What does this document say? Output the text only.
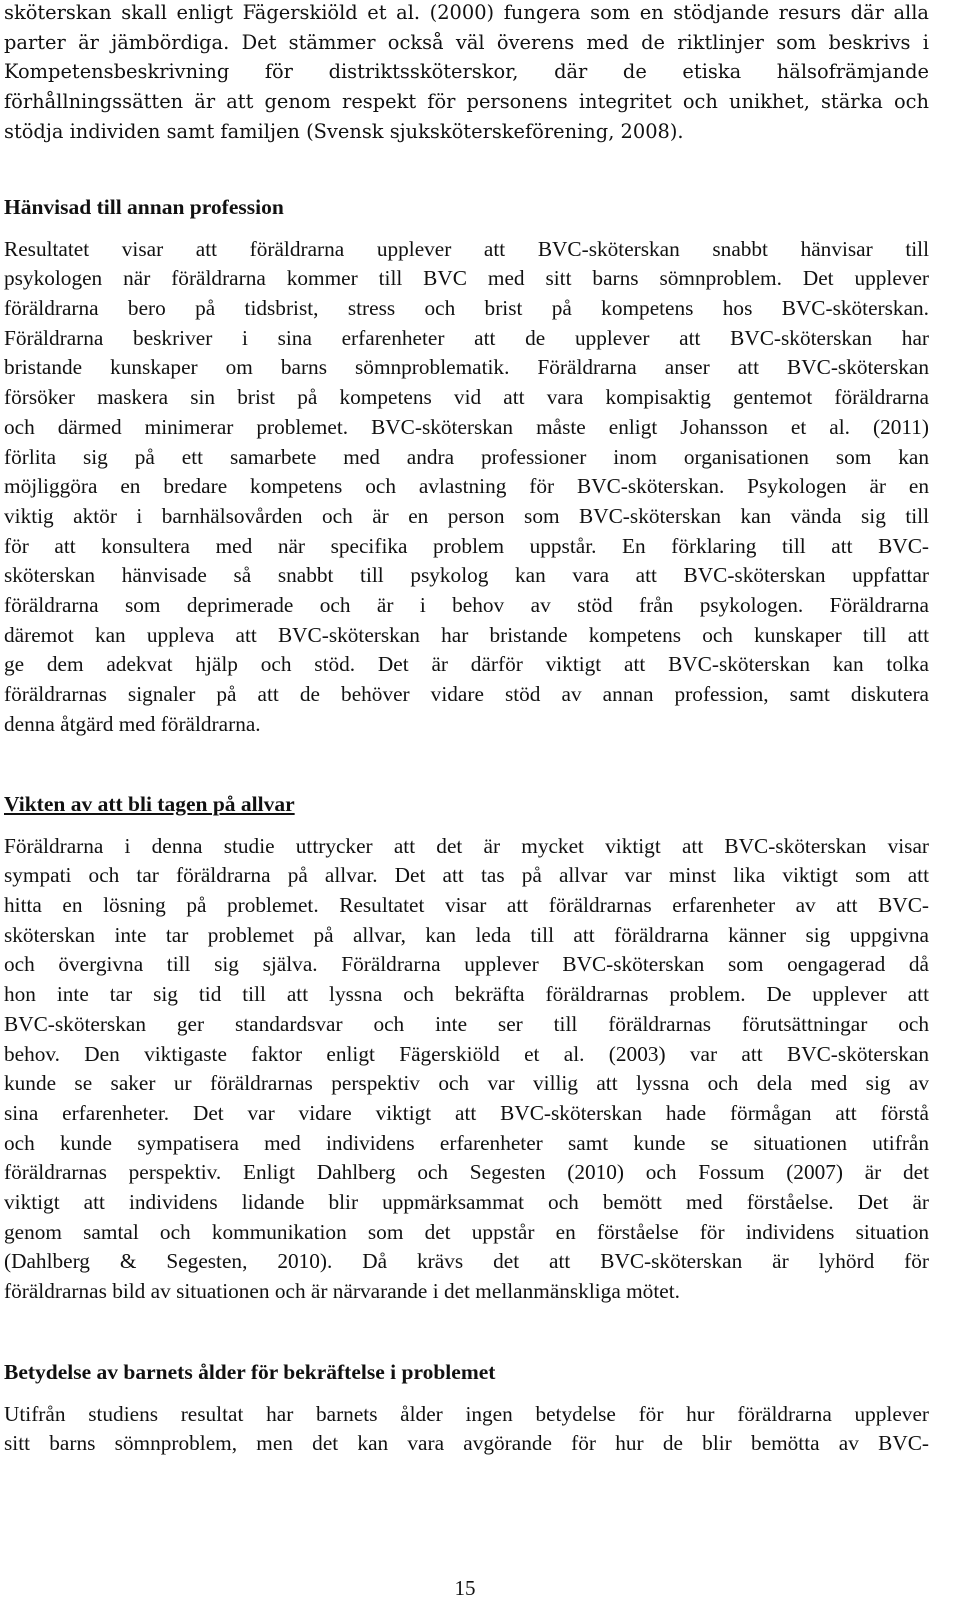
sköterskan skall enligt Fägerskiöld et al. (2000) fungera som en stödjande resurs där alla
parter är jämbördiga. Det stämmer också väl överens med de riktlinjer som beskrivs i
Kompetensbeskrivning för distriktssköterskor, där de etiska hälsofrämjande
förhållningssätten är att genom respekt för personens integritet och unikhet, stärka och
stödja individen samt familjen (Svensk sjuksköterskeförening, 2008).
Hänvisad till annan profession
Resultatet visar att föräldrarna upplever att BVC-sköterskan snabbt hänvisar till
psykologen när föräldrarna kommer till BVC med sitt barns sömnproblem. Det upplever
föräldrarna bero på tidsbrist, stress och brist på kompetens hos BVC-sköterskan.
Föräldrarna beskriver i sina erfarenheter att de upplever att BVC-sköterskan har
bristande kunskaper om barns sömnproblematik. Föräldrarna anser att BVC-sköterskan
försöker maskera sin brist på kompetens vid att vara kompisaktig gentemot föräldrarna
och därmed minimerar problemet. BVC-sköterskan måste enligt Johansson et al. (2011)
förlita sig på ett samarbete med andra professioner inom organisationen som kan
möjliggöra en bredare kompetens och avlastning för BVC-sköterskan. Psykologen är en
viktig aktör i barnhälsovården och är en person som BVC-sköterskan kan vända sig till
för att konsultera med när specifika problem uppstår. En förklaring till att BVC-
sköterskan hänvisade så snabbt till psykolog kan vara att BVC-sköterskan uppfattar
föräldrarna som deprimerade och är i behov av stöd från psykologen. Föräldrarna
däremot kan uppleva att BVC-sköterskan har bristande kompetens och kunskaper till att
ge dem adekvat hjälp och stöd. Det är därför viktigt att BVC-sköterskan kan tolka
föräldrarnas signaler på att de behöver vidare stöd av annan profession, samt diskutera
denna åtgärd med föräldrarna.
Vikten av att bli tagen på allvar
Föräldrarna i denna studie uttrycker att det är mycket viktigt att BVC-sköterskan visar
sympati och tar föräldrarna på allvar. Det att tas på allvar var minst lika viktigt som att
hitta en lösning på problemet. Resultatet visar att föräldrarnas erfarenheter av att BVC-
sköterskan inte tar problemet på allvar, kan leda till att föräldrarna känner sig uppgivna
och övergivna till sig själva. Föräldrarna upplever BVC-sköterskan som oengagerad då
hon inte tar sig tid till att lyssna och bekräfta föräldrarnas problem. De upplever att
BVC-sköterskan ger standardsvar och inte ser till föräldrarnas förutsättningar och
behov. Den viktigaste faktor enligt Fägerskiöld et al. (2003) var att BVC-sköterskan
kunde se saker ur föräldrarnas perspektiv och var villig att lyssna och dela med sig av
sina erfarenheter. Det var vidare viktigt att BVC-sköterskan hade förmågan att förstå
och kunde sympatisera med individens erfarenheter samt kunde se situationen utifrån
föräldrarnas perspektiv. Enligt Dahlberg och Segesten (2010) och Fossum (2007) är det
viktigt att individens lidande blir uppmärksammat och bemött med förståelse. Det är
genom samtal och kommunikation som det uppstår en förståelse för individens situation
(Dahlberg & Segesten, 2010). Då krävs det att BVC-sköterskan är lyhörd för
föräldrarnas bild av situationen och är närvarande i det mellanmänskliga mötet.
Betydelse av barnets ålder för bekräftelse i problemet
Utifrån studiens resultat har barnets ålder ingen betydelse för hur föräldrarna upplever
sitt barns sömnproblem, men det kan vara avgörande för hur de blir bemötta av BVC-
15
